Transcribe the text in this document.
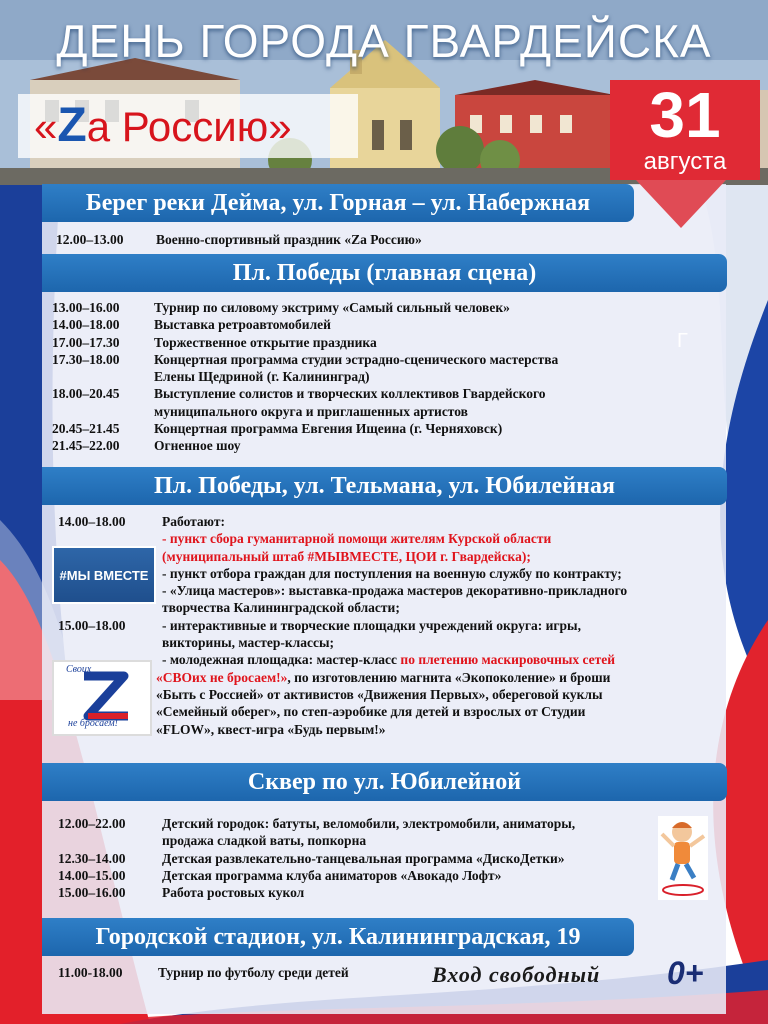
ДЕНЬ ГОРОДА ГВАРДЕЙСКА
«Zа Россию»	31
августа
Г
Берег реки Дейма, ул. Горная – ул. Набержная
12.00–13.00	Военно-спортивный праздник «Zа Россию»
Пл. Победы (главная сцена)
13.00–16.00	Турнир по силовому экстриму «Самый сильный человек»
14.00–18.00	Выставка ретроавтомобилей
17.00–17.30	Торжественное открытие праздника
17.30–18.00	Концертная программа студии эстрадно-сценического мастерства
Елены Щедриной (г. Калининград)
18.00–20.45	Выступление солистов и творческих коллективов Гвардейского
муниципального округа и приглашенных артистов
20.45–21.45	Концертная программа Евгения Ищеина (г. Черняховск)
21.45–22.00	Огненное шоу
Пл. Победы, ул. Тельмана, ул. Юбилейная
14.00–18.00	Работают:
- пункт сбора гуманитарной помощи жителям Курской области
(муниципальный штаб #МЫВМЕСТЕ, ЦОИ г. Гвардейска);
- пункт отбора граждан для поступления на военную службу по контракту;
- «Улица мастеров»: выставка-продажа мастеров декоративно-прикладного
творчества Калининградской области;
15.00–18.00	- интерактивные и творческие площадки учреждений округа: игры,
викторины, мастер-классы;
- молодежная площадка: мастер-класс по плетению маскировочных сетей
«СВОих не бросаем!», по изготовлению магнита «Экопоколение» и броши
«Быть с Россией» от активистов «Движения Первых», обереговой куклы
«Семейный оберег», по степ-аэробике для детей и взрослых от Студии
«FLOW», квест-игра «Будь первым!»
#МЫ ВМЕСТЕ
Своих
не бросаем!
Сквер по ул. Юбилейной
12.00–22.00	Детский городок: батуты, веломобили, электромобили, аниматоры,
продажа сладкой ваты, попкорна
12.30–14.00	Детская развлекательно-танцевальная программа «ДискоДетки»
14.00–15.00	Детская программа клуба аниматоров «Авокадо Лофт»
15.00–16.00	Работа ростовых кукол
Городской стадион, ул. Калининградская, 19
11.00-18.00	Турнир по футболу среди детей	Вход свободный 0+
